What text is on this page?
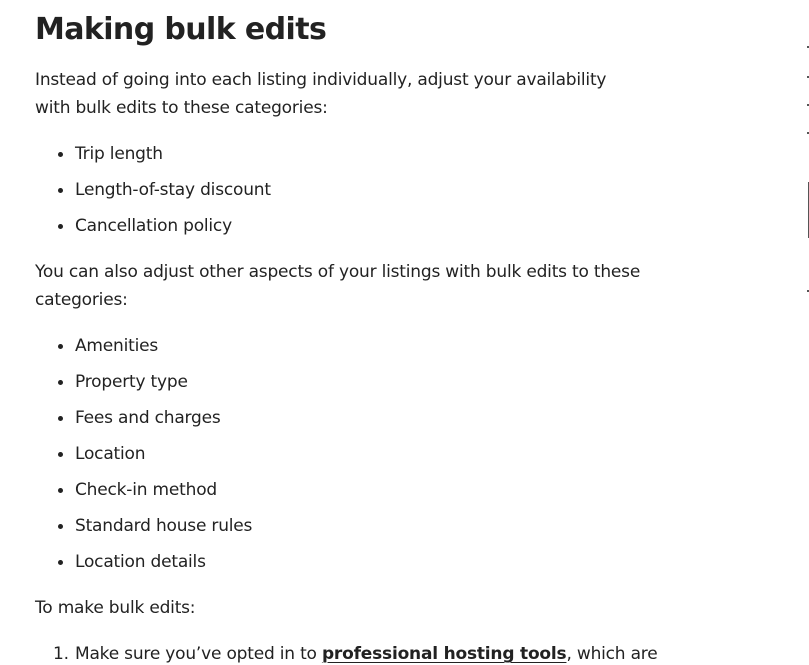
Making bulk edits

Instead of going into each listing individually, adjust your availability with bulk edits to these categories:

Trip length
Length-of-stay discount
Cancellation policy

You can also adjust other aspects of your listings with bulk edits to these categories:

Amenities
Property type
Fees and charges
Location
Check-in method
Standard house rules
Location details

To make bulk edits:

1. Make sure you’ve opted in to professional hosting tools, which are
